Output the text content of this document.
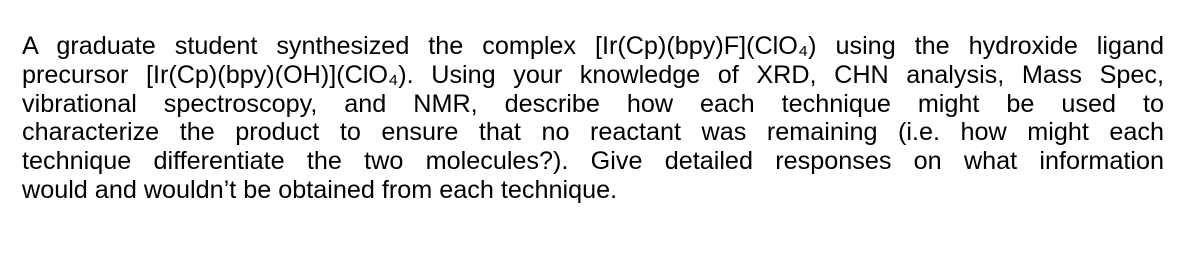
A graduate student synthesized the complex [Ir(Cp)(bpy)F](ClO₄) using the hydroxide ligand
precursor [Ir(Cp)(bpy)(OH)](ClO₄). Using your knowledge of XRD, CHN analysis, Mass Spec,
vibrational spectroscopy, and NMR, describe how each technique might be used to
characterize the product to ensure that no reactant was remaining (i.e. how might each
technique differentiate the two molecules?). Give detailed responses on what information
would and wouldn’t be obtained from each technique.
